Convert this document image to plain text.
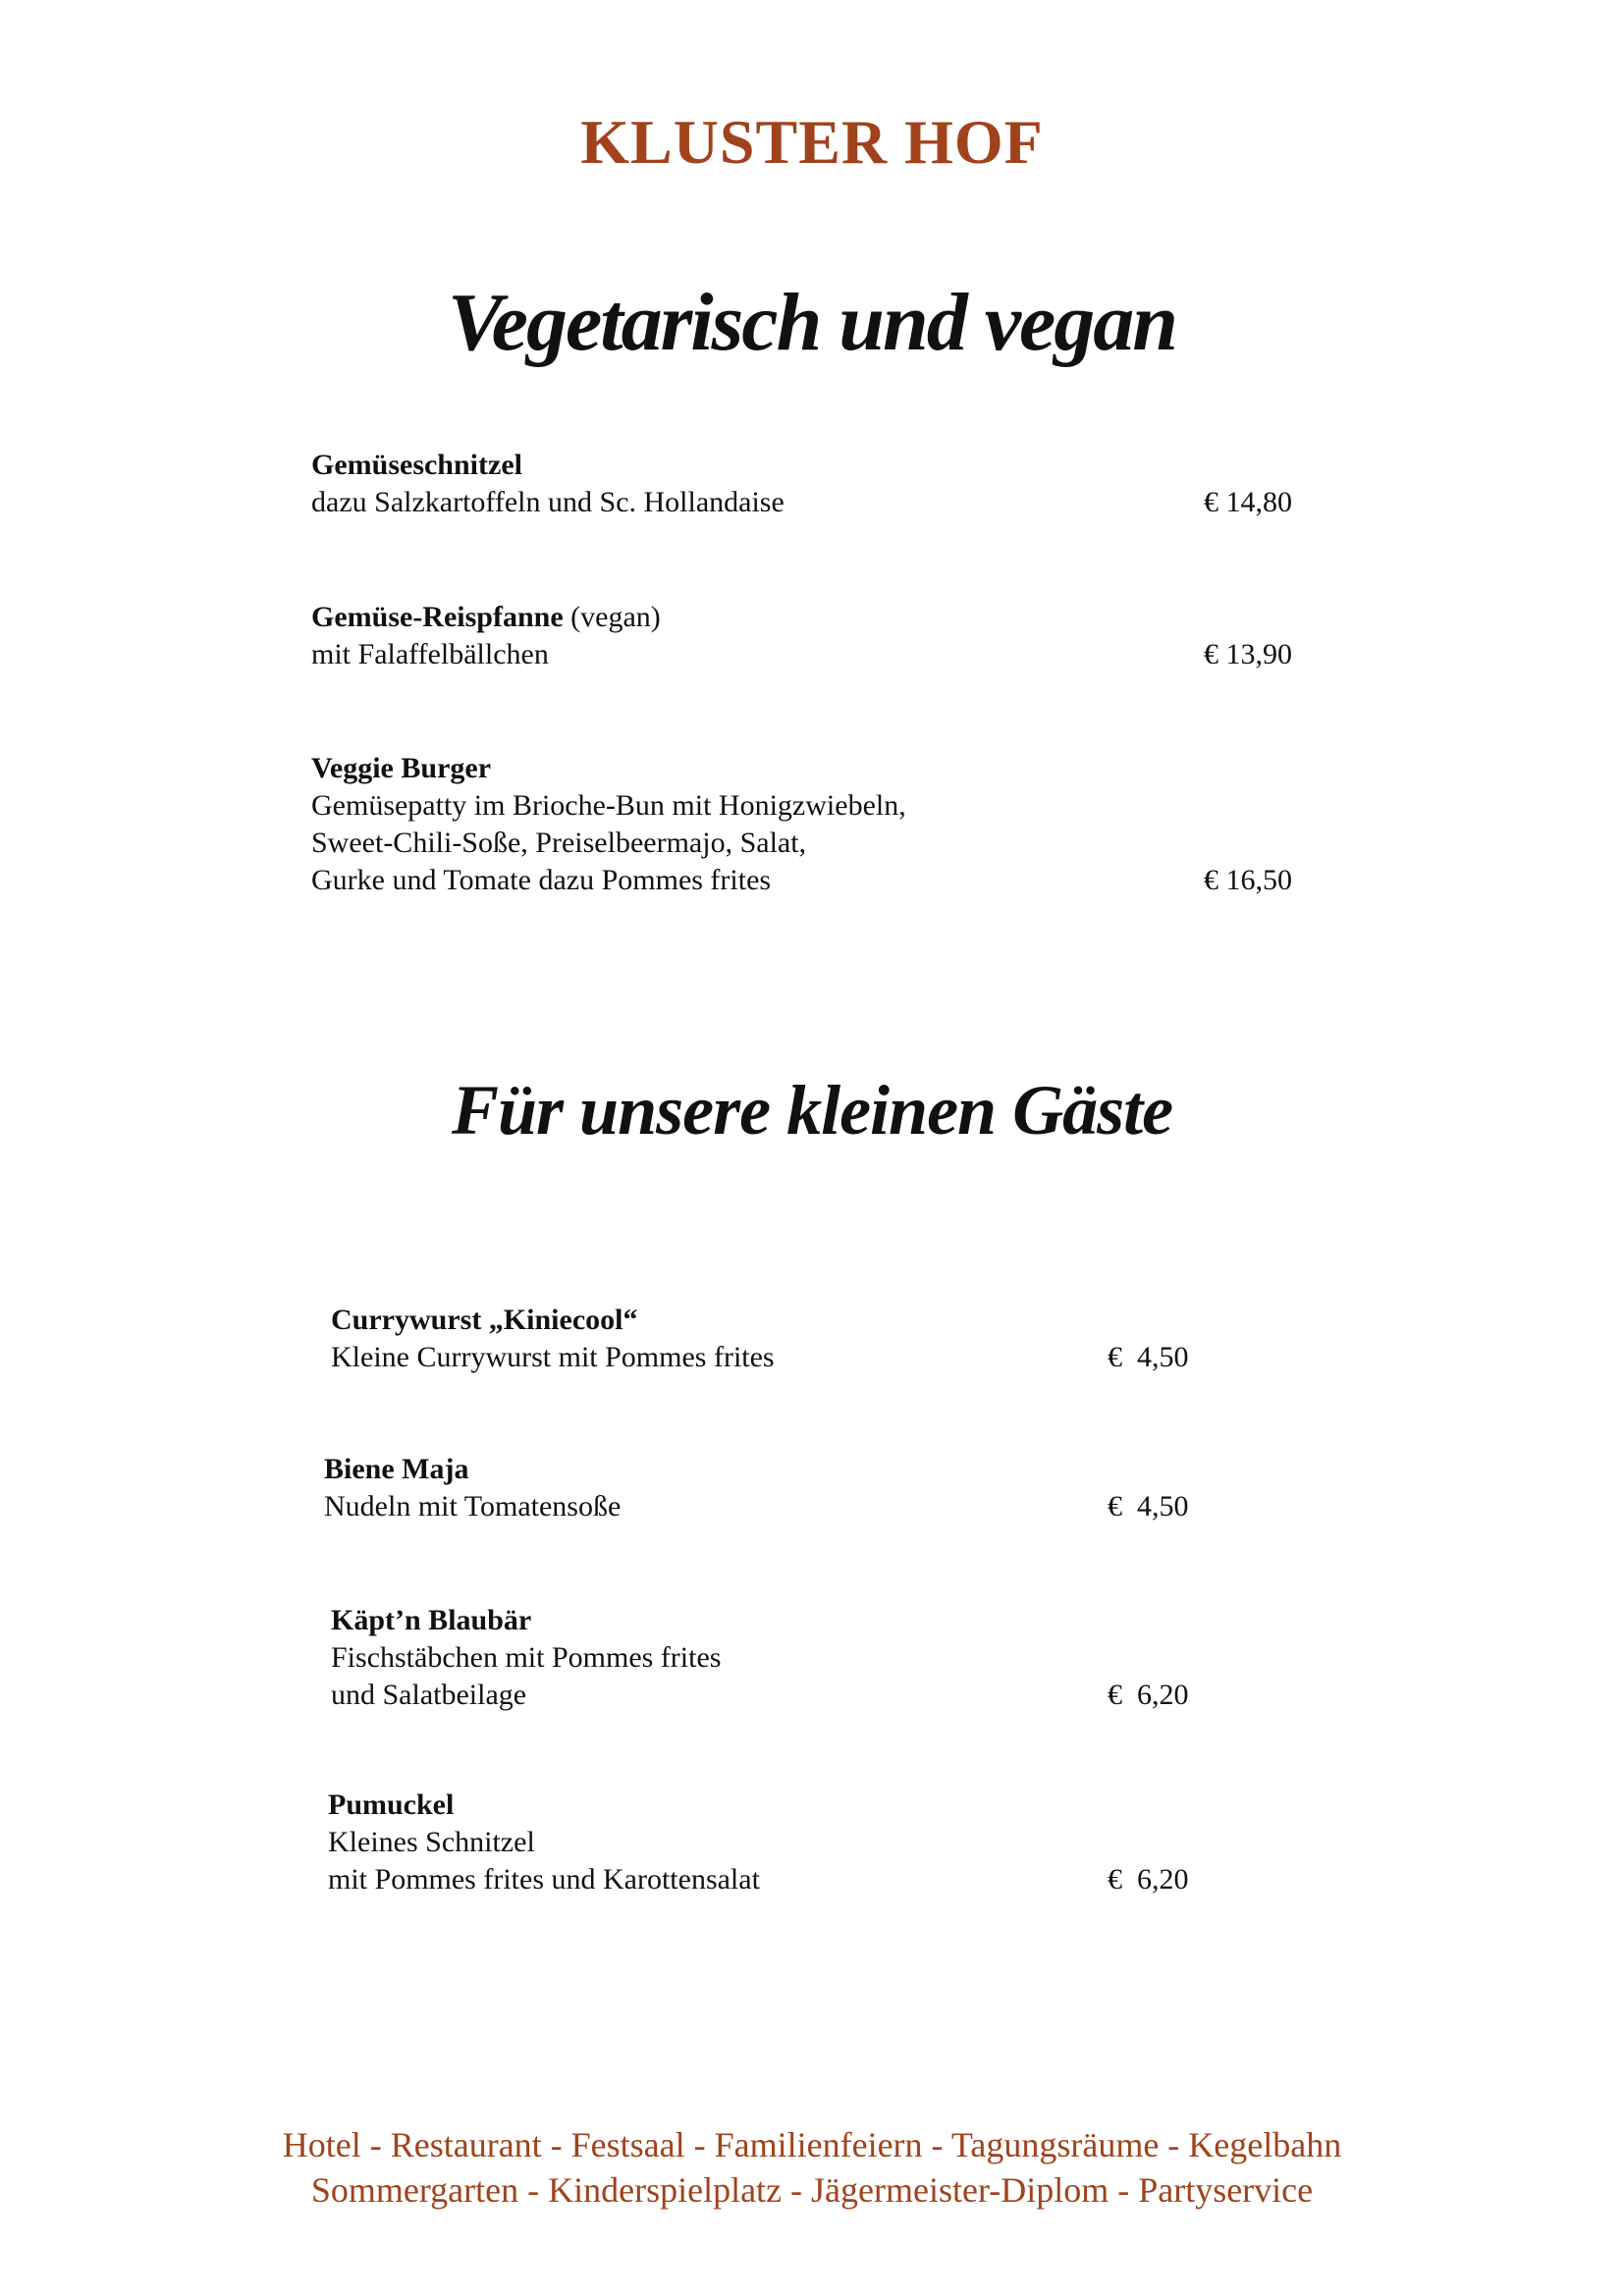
KLUSTER HOF
Vegetarisch und vegan
Gemüseschnitzel
dazu Salzkartoffeln und Sc. Hollandaise	€ 14,80
Gemüse-Reispfanne (vegan)
mit Falaffelbällchen	€ 13,90
Veggie Burger
Gemüsepatty im Brioche-Bun mit Honigzwiebeln,
Sweet-Chili-Soße, Preiselbeermajo, Salat,
Gurke und Tomate dazu Pommes frites	€ 16,50
Für unsere kleinen Gäste
Currywurst „Kiniecool“
Kleine Currywurst mit Pommes frites	€  4,50
Biene Maja
Nudeln mit Tomatensoße	€  4,50
Käpt’n Blaubär
Fischstäbchen mit Pommes frites
und Salatbeilage	€  6,20
Pumuckel
Kleines Schnitzel
mit Pommes frites und Karottensalat	€  6,20

Hotel - Restaurant - Festsaal - Familienfeiern - Tagungsräume - Kegelbahn

Sommergarten - Kinderspielplatz - Jägermeister-Diplom - Partyservice
